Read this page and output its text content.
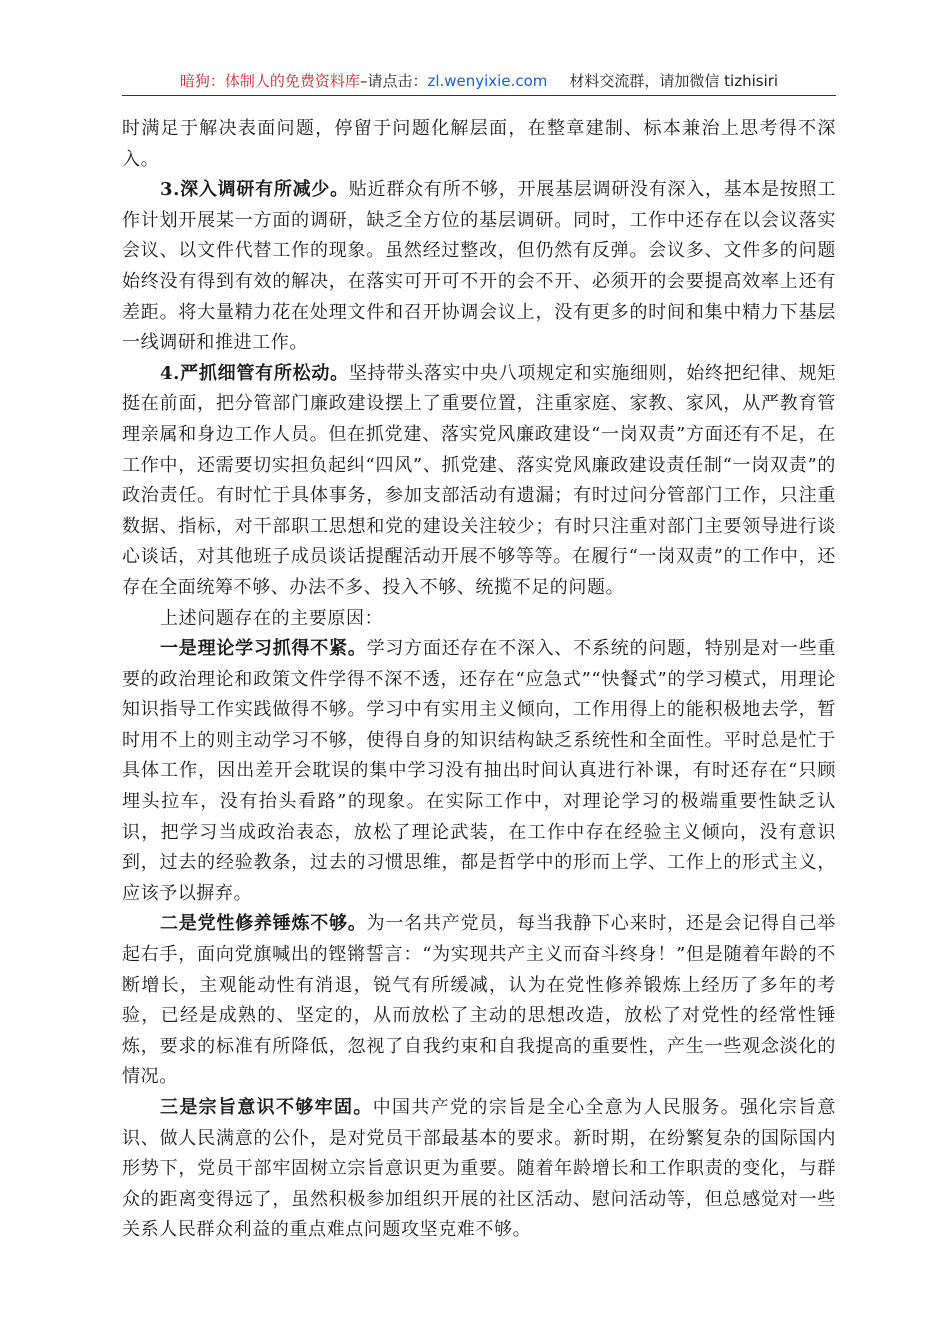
暗狗：体制人的免费资料库–请点击：zl.wenyixie.com 材料交流群，请加微信 tizhisiri

时满足于解决表面问题，停留于问题化解层面，在整章建制、标本兼治上思考得不深入。

3.深入调研有所减少。贴近群众有所不够，开展基层调研没有深入，基本是按照工作计划开展某一方面的调研，缺乏全方位的基层调研。同时，工作中还存在以会议落实会议、以文件代替工作的现象。虽然经过整改，但仍然有反弹。会议多、文件多的问题始终没有得到有效的解决，在落实可开可不开的会不开、必须开的会要提高效率上还有差距。将大量精力花在处理文件和召开协调会议上，没有更多的时间和集中精力下基层一线调研和推进工作。

4.严抓细管有所松动。坚持带头落实中央八项规定和实施细则，始终把纪律、规矩挺在前面，把分管部门廉政建设摆上了重要位置，注重家庭、家教、家风，从严教育管理亲属和身边工作人员。但在抓党建、落实党风廉政建设“一岗双责”方面还有不足，在工作中，还需要切实担负起纠“四风”、抓党建、落实党风廉政建设责任制“一岗双责”的政治责任。有时忙于具体事务，参加支部活动有遗漏；有时过问分管部门工作，只注重数据、指标，对干部职工思想和党的建设关注较少；有时只注重对部门主要领导进行谈心谈话，对其他班子成员谈话提醒活动开展不够等等。在履行“一岗双责”的工作中，还存在全面统筹不够、办法不多、投入不够、统揽不足的问题。

上述问题存在的主要原因：

一是理论学习抓得不紧。学习方面还存在不深入、不系统的问题，特别是对一些重要的政治理论和政策文件学得不深不透，还存在“应急式”“快餐式”的学习模式，用理论知识指导工作实践做得不够。学习中有实用主义倾向，工作用得上的能积极地去学，暂时用不上的则主动学习不够，使得自身的知识结构缺乏系统性和全面性。平时总是忙于具体工作，因出差开会耽误的集中学习没有抽出时间认真进行补课，有时还存在“只顾埋头拉车，没有抬头看路”的现象。在实际工作中，对理论学习的极端重要性缺乏认识，把学习当成政治表态，放松了理论武装，在工作中存在经验主义倾向，没有意识到，过去的经验教条，过去的习惯思维，都是哲学中的形而上学、工作上的形式主义，应该予以摒弃。

二是党性修养锤炼不够。为一名共产党员，每当我静下心来时，还是会记得自己举起右手，面向党旗喊出的铿锵誓言：“为实现共产主义而奋斗终身！”但是随着年龄的不断增长，主观能动性有消退，锐气有所缓减，认为在党性修养锻炼上经历了多年的考验，已经是成熟的、坚定的，从而放松了主动的思想改造，放松了对党性的经常性锤炼，要求的标准有所降低，忽视了自我约束和自我提高的重要性，产生一些观念淡化的情况。

三是宗旨意识不够牢固。中国共产党的宗旨是全心全意为人民服务。强化宗旨意识、做人民满意的公仆，是对党员干部最基本的要求。新时期，在纷繁复杂的国际国内形势下，党员干部牢固树立宗旨意识更为重要。随着年龄增长和工作职责的变化，与群众的距离变得远了，虽然积极参加组织开展的社区活动、慰问活动等，但总感觉对一些关系人民群众利益的重点难点问题攻坚克难不够。
